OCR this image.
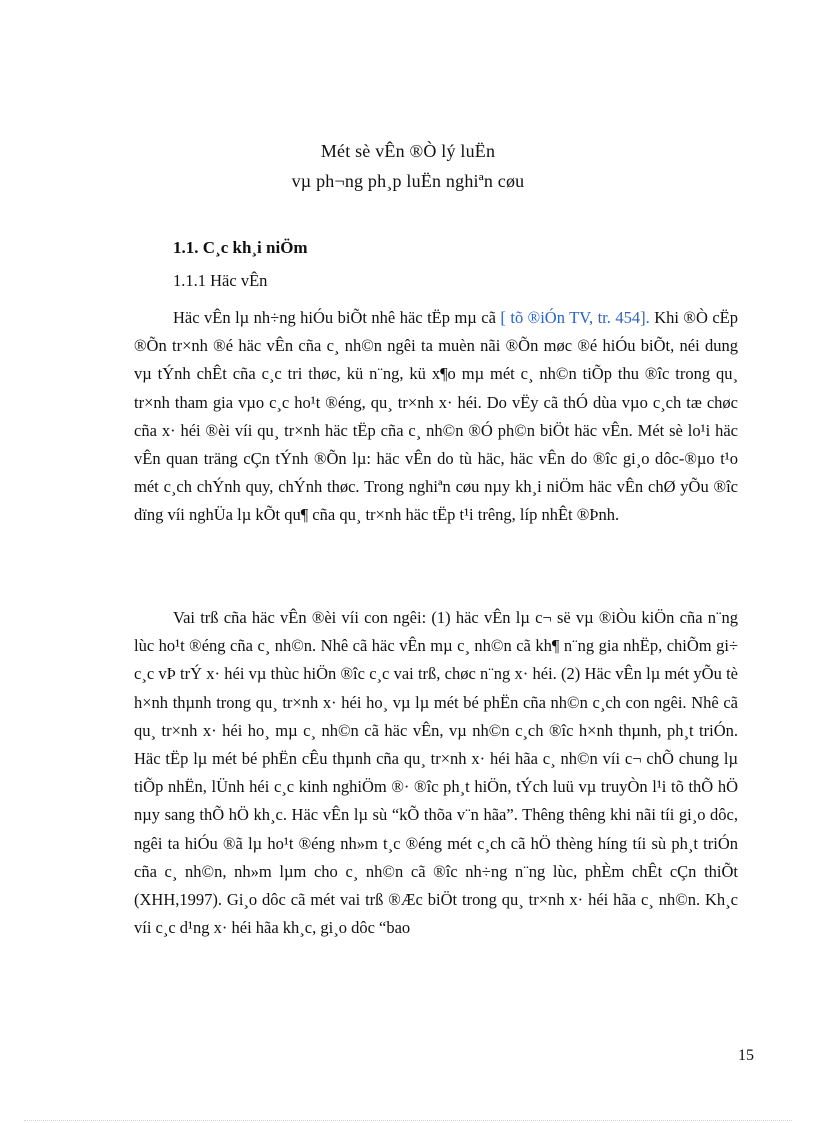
Mét sè vÊn ®Ò lý luËn
vµ ph¬ng ph¸p luËn nghiªn cøu
1.1. C¸c kh¸i niÖm
1.1.1 Häc vÊn

Häc vÊn lµ nh÷ng hiÓu biÕt nhê häc tËp mµ cã [ tõ ®iÓn TV, tr. 454]. Khi ®Ò cËp ®Õn tr×nh ®é häc vÊn cña c¸ nh©n ngêi ta muèn nãi ®Õn møc ®é hiÓu biÕt, néi dung vµ tÝnh chÊt cña c¸c tri thøc, kü n¨ng, kü x¶o mµ mét c¸ nh©n tiÕp thu ®îc trong qu¸ tr×nh tham gia vµo c¸c ho¹t ®éng, qu¸ tr×nh x· héi. Do vËy cã thÓ dùa vµo c¸ch tæ chøc cña x· héi ®èi víi qu¸ tr×nh häc tËp cña c¸ nh©n ®Ó ph©n biÖt häc vÊn. Mét sè lo¹i häc vÊn quan träng cÇn tÝnh ®Õn lµ: häc vÊn do tù häc, häc vÊn do ®îc gi¸o dôc-®µo t¹o mét c¸ch chÝnh quy, chÝnh thøc. Trong nghiªn cøu nµy kh¸i niÖm häc vÊn chØ yÕu ®îc dïng víi nghÜa lµ kÕt qu¶ cña qu¸ tr×nh häc tËp t¹i trêng, líp nhÊt ®Þnh.

Vai trß cña häc vÊn ®èi víi con ngêi: (1) häc vÊn lµ c¬ së vµ ®iÒu kiÖn cña n¨ng lùc ho¹t ®éng cña c¸ nh©n. Nhê cã häc vÊn mµ c¸ nh©n cã kh¶ n¨ng gia nhËp, chiÕm gi÷ c¸c vÞ trÝ x· héi vµ thùc hiÖn ®îc c¸c vai trß, chøc n¨ng x· héi. (2) Häc vÊn lµ mét yÕu tè h×nh thµnh trong qu¸ tr×nh x· héi ho¸ vµ lµ mét bé phËn cña nh©n c¸ch con ngêi. Nhê cã qu¸ tr×nh x· héi ho¸ mµ c¸ nh©n cã häc vÊn, vµ nh©n c¸ch ®îc h×nh thµnh, ph¸t triÓn. Häc tËp lµ mét bé phËn cÊu thµnh cña qu¸ tr×nh x· héi hãa c¸ nh©n víi c¬ chÕ chung lµ tiÕp nhËn, lÜnh héi c¸c kinh nghiÖm ®· ®îc ph¸t hiÖn, tÝch luü vµ truyÒn l¹i tõ thÕ hÖ nµy sang thÕ hÖ kh¸c. Häc vÊn lµ sù “kÕ thõa v¨n hãa”. Thêng thêng khi nãi tíi gi¸o dôc, ngêi ta hiÓu ®ã lµ ho¹t ®éng nh»m t¸c ®éng mét c¸ch cã hÖ thèng híng tíi sù ph¸t triÓn cña c¸ nh©n, nh»m lµm cho c¸ nh©n cã ®îc nh÷ng n¨ng lùc, phÈm chÊt cÇn thiÕt (XHH,1997). Gi¸o dôc cã mét vai trß ®Æc biÖt trong qu¸ tr×nh x· héi hãa c¸ nh©n. Kh¸c víi c¸c d¹ng x· héi hãa kh¸c, gi¸o dôc “bao

15
